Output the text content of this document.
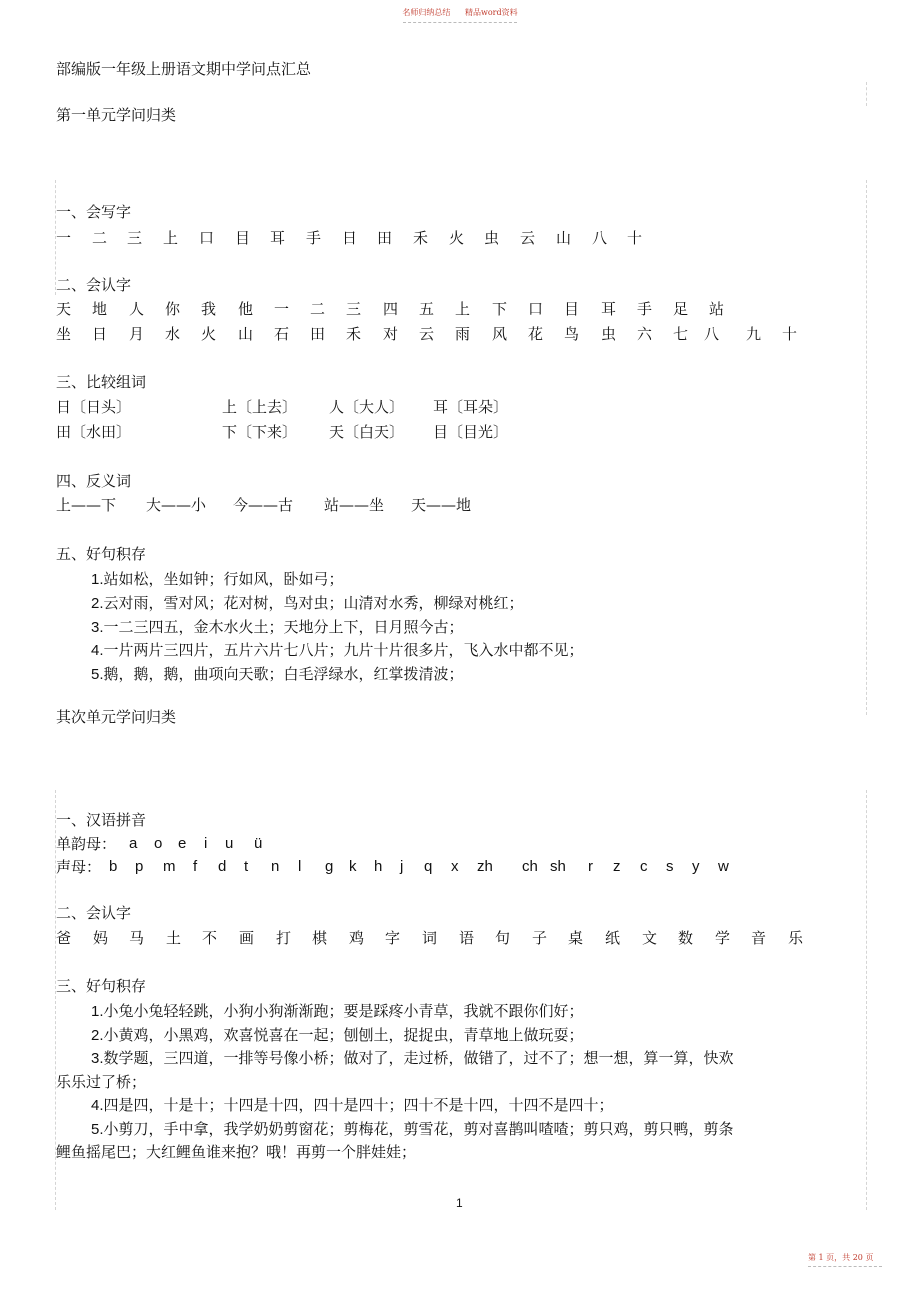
名师归纳总结 精品word资料
部编版一年级上册语文期中学问点汇总
第一单元学问归类
一、会写字
一 二 三 上 口 目 耳 手 日 田 禾 火 虫 云 山 八 十
二、会认字
天 地 人 你 我 他 一 二 三 四 五 上 下 口 目 耳 手 足 站
坐 日 月 水 火 山 石 田 禾 对 云 雨 风 花 鸟 虫 六 七 八 九 十
三、比较组词
日〔日头〕	上〔上去〕 人〔大人〕 耳〔耳朵〕
田〔水田〕	下〔下来〕 天〔白天〕 目〔目光〕
四、反义词
上——下 大——小 今——古 站——坐 天——地
五、好句积存
1.站如松，坐如钟；行如风，卧如弓；
2.云对雨，雪对风；花对树，鸟对虫；山清对水秀，柳绿对桃红；
3.一二三四五，金木水火土；天地分上下，日月照今古；
4.一片两片三四片，五片六片七八片；九片十片很多片，飞入水中都不见；
5.鹅，鹅，鹅，曲项向天歌；白毛浮绿水，红掌拨清波；
其次单元学问归类
一、汉语拼音
单韵母： a o e i u ü
声母： b p m f d t n l ɡ k h j q x zh ch sh r z c s y w
二、会认字
爸 妈 马 土 不 画 打 棋 鸡 字 词 语 句 子 桌 纸 文 数 学 音 乐
三、好句积存
1.小兔小兔轻轻跳，小狗小狗渐渐跑；要是踩疼小青草，我就不跟你们好；
2.小黄鸡，小黑鸡，欢喜悦喜在一起；刨刨土，捉捉虫，青草地上做玩耍；
3.数学题，三四道，一排等号像小桥；做对了，走过桥，做错了，过不了；想一想，算一算，快欢
乐乐过了桥；
4.四是四，十是十；十四是十四，四十是四十；四十不是十四，十四不是四十；
5.小剪刀，手中拿，我学奶奶剪窗花；剪梅花，剪雪花，剪对喜鹊叫喳喳；剪只鸡，剪只鸭，剪条
鲤鱼摇尾巴；大红鲤鱼谁来抱？哦！再剪一个胖娃娃；
1
第 1 页，共 20 页
